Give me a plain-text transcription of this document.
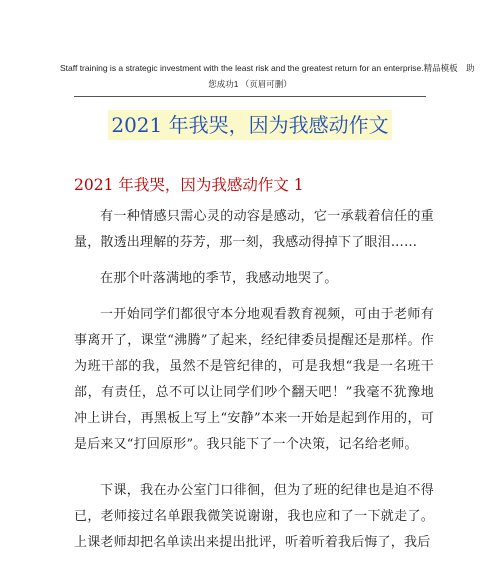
Staff training is a strategic investment with the least risk and the greatest return for an enterprise.精品模板　助
您成功1 （页眉可删）
2021 年我哭，因为我感动作文
2021 年我哭，因为我感动作文 1

有一种情感只需心灵的动容是感动，它一承载着信任的重量，散透出理解的芬芳，那一刻，我感动得掉下了眼泪……

在那个叶落满地的季节，我感动地哭了。

一开始同学们都很守本分地观看教育视频，可由于老师有事离开了，课堂“沸腾”了起来，经纪律委员提醒还是那样。作为班干部的我，虽然不是管纪律的，可是我想“我是一名班干部，有责任，总不可以让同学们吵个翻天吧！”我毫不犹豫地冲上讲台，再黑板上写上“安静”本来一开始是起到作用的，可是后来又“打回原形”。我只能下了一个决策，记名给老师。

下课，我在办公室门口徘徊，但为了班的纪律也是迫不得已，老师接过名单跟我微笑说谢谢，我也应和了一下就走了。上课老师却把名单读出来提出批评，听着听着我后悔了，我后
